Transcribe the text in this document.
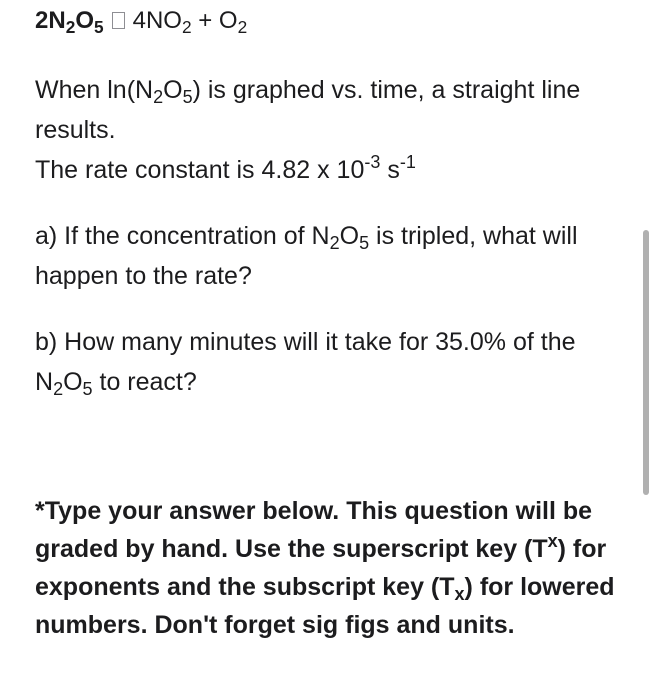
$2N_2O_5$ $4NO_2 + O_2$

When $\ln(N_2O_5)$ is graphed vs. time, a straight line results.
The rate constant is 4.82 x $10^{-3}$ $s^{-1}$

a) If the concentration of $N_2O_5$ is tripled, what will happen to the rate?

b) How many minutes will it take for 35.0% of the $N_2O_5$ to react?

*Type your answer below. This question will be graded by hand. Use the superscript key $(T^x)$ for exponents and the subscript key $(T_x)$ for lowered numbers. Don't forget sig figs and units.
